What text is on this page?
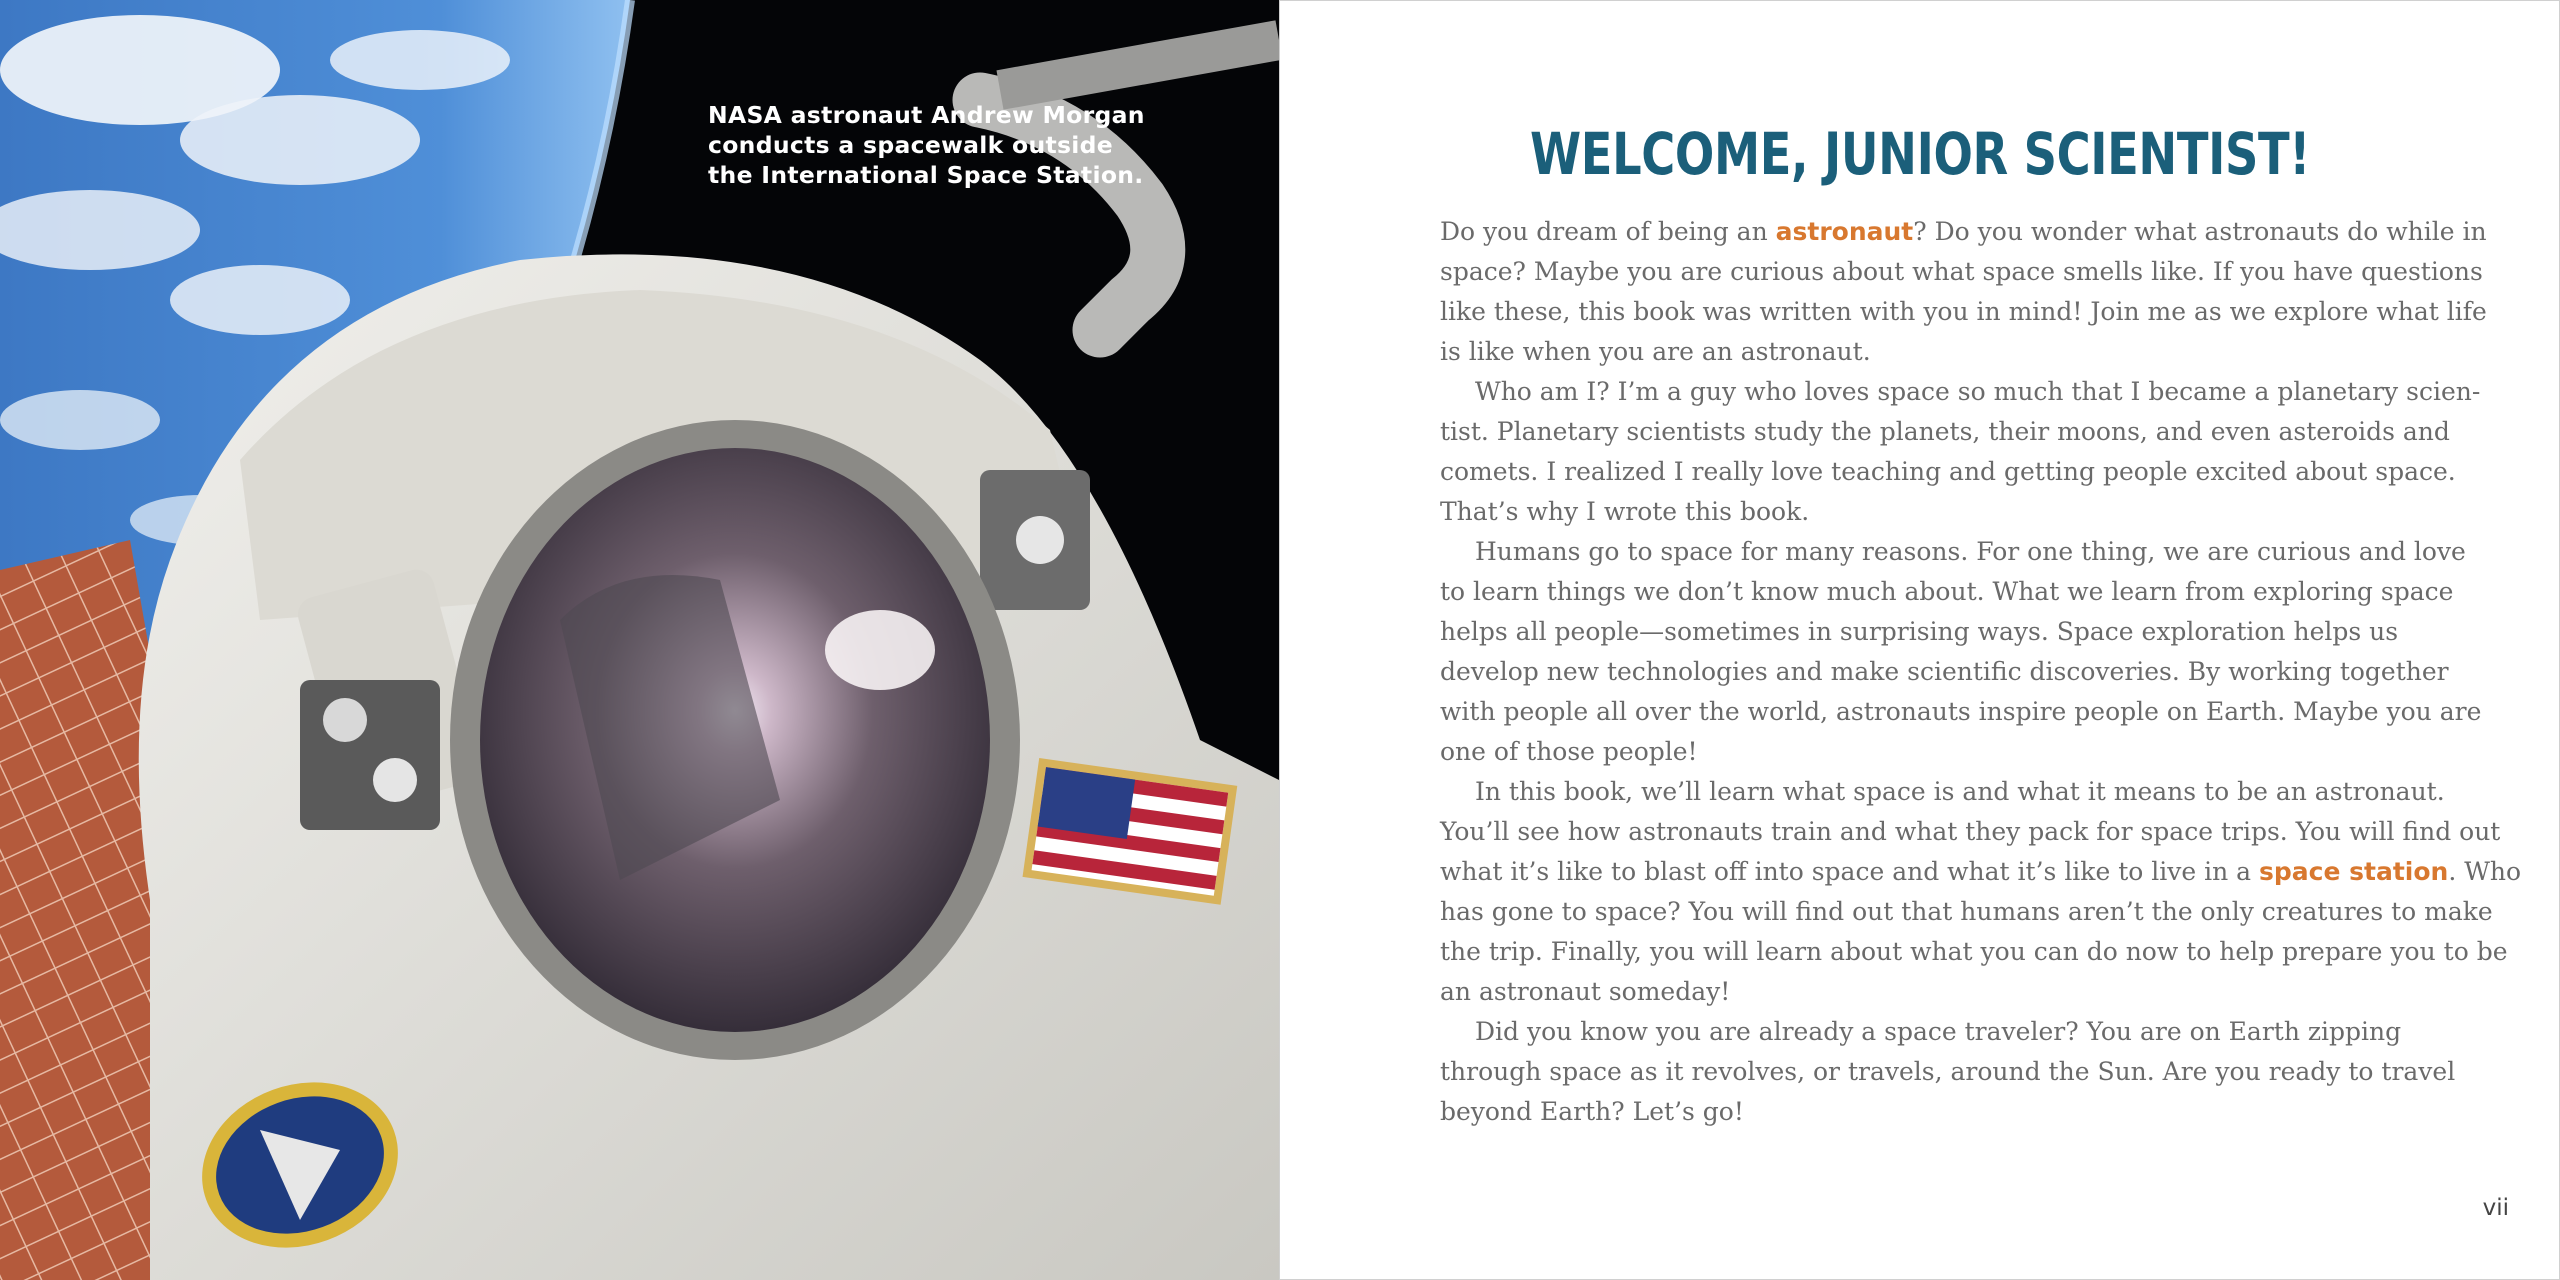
NASA astronaut Andrew Morgan
conducts a spacewalk outside
the International Space Station.	WELCOME, JUNIOR SCIENTIST!
Do you dream of being an astronaut? Do you wonder what astronauts do while in
space? Maybe you are curious about what space smells like. If you have questions
like these, this book was written with you in mind! Join me as we explore what life
is like when you are an astronaut.
Who am I? I’m a guy who loves space so much that I became a planetary scien-
tist. Planetary scientists study the planets, their moons, and even asteroids and
comets. I realized I really love teaching and getting people excited about space.
That’s why I wrote this book.
Humans go to space for many reasons. For one thing, we are curious and love
to learn things we don’t know much about. What we learn from exploring space
helps all people—sometimes in surprising ways. Space exploration helps us
develop new technologies and make scientific discoveries. By working together
with people all over the world, astronauts inspire people on Earth. Maybe you are
one of those people!
In this book, we’ll learn what space is and what it means to be an astronaut.
You’ll see how astronauts train and what they pack for space trips. You will find out
what it’s like to blast off into space and what it’s like to live in a space station. Who
has gone to space? You will find out that humans aren’t the only creatures to make
the trip. Finally, you will learn about what you can do now to help prepare you to be
an astronaut someday!
Did you know you are already a space traveler? You are on Earth zipping
through space as it revolves, or travels, around the Sun. Are you ready to travel
beyond Earth? Let’s go!
vii
